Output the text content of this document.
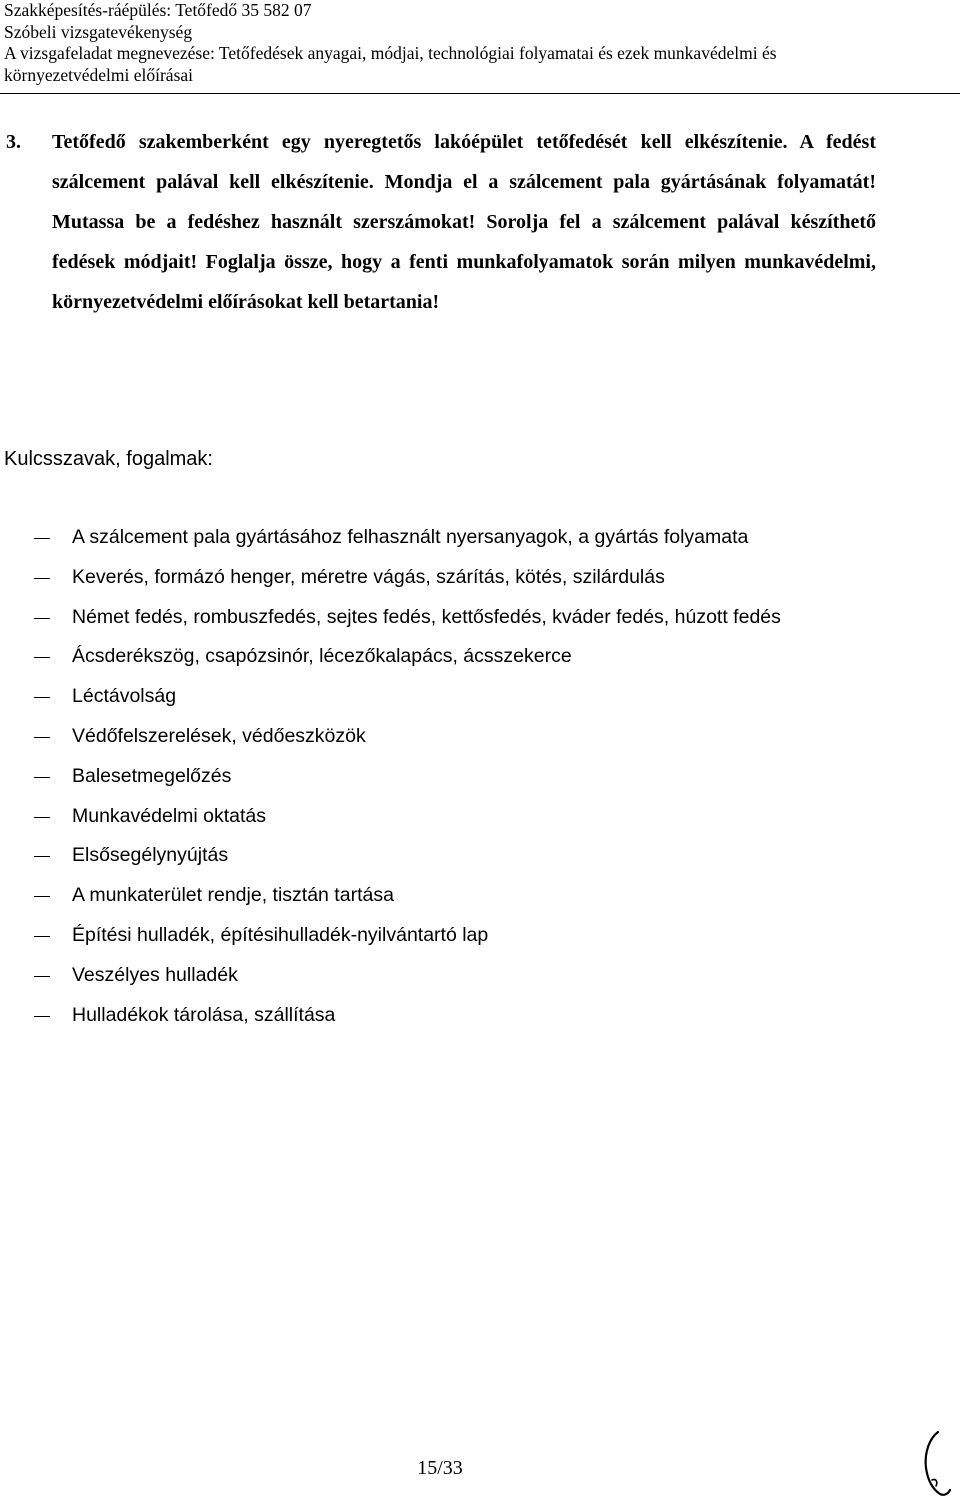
Szakképesítés-ráépülés: Tetőfedő 35 582 07
Szóbeli vizsgatevékenység
A vizsgafeladat megnevezése: Tetőfedések anyagai, módjai, technológiai folyamatai és ezek munkavédelmi és
környezetvédelmi előírásai
3. Tetőfedő szakemberként egy nyeregtetős lakóépület tetőfedését kell elkészítenie. A fedést szálcement palával kell elkészítenie. Mondja el a szálcement pala gyártásának folyamatát! Mutassa be a fedéshez használt szerszámokat! Sorolja fel a szálcement palával készíthető fedések módjait! Foglalja össze, hogy a fenti munkafolyamatok során milyen munkavédelmi, környezetvédelmi előírásokat kell betartania!
Kulcsszavak, fogalmak:
A szálcement pala gyártásához felhasznált nyersanyagok, a gyártás folyamata
Keverés, formázó henger, méretre vágás, szárítás, kötés, szilárdulás
Német fedés, rombuszfedés, sejtes fedés, kettősfedés, kváder fedés, húzott fedés
Ácsderékszög, csapózsinór, lécezőkalapács, ácsszekerce
Léctávolság
Védőfelszerelések, védőeszközök
Balesetmegelőzés
Munkavédelmi oktatás
Elsősegélynyújtás
A munkaterület rendje, tisztán tartása
Építési hulladék, építésihulladék-nyilvántartó lap
Veszélyes hulladék
Hulladékok tárolása, szállítása
15/33
